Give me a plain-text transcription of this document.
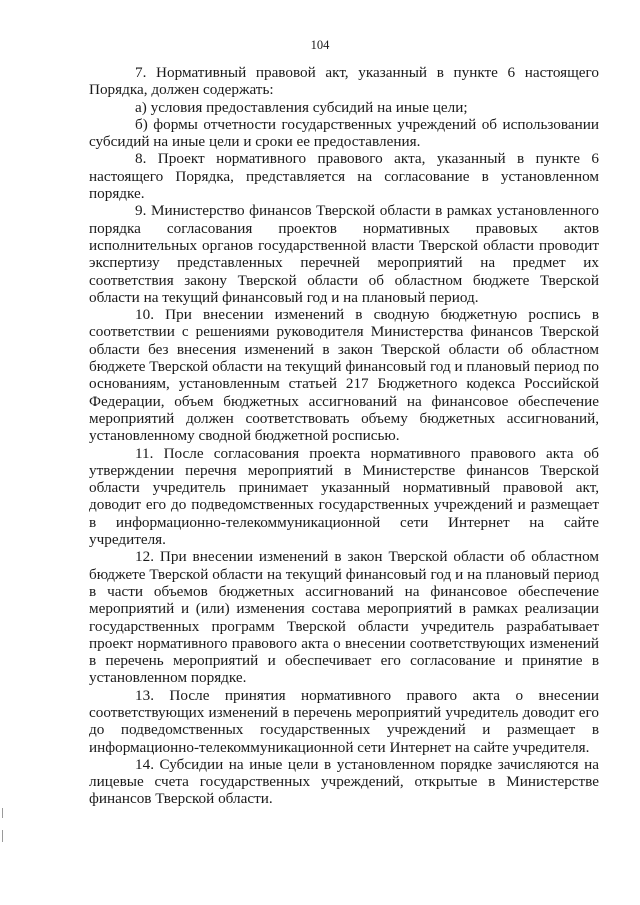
104

7. Нормативный правовой акт, указанный в пункте 6 настоящего Порядка, должен содержать:

а) условия предоставления субсидий на иные цели;

б) формы отчетности государственных учреждений об использовании субсидий на иные цели и сроки ее предоставления.

8. Проект нормативного правового акта, указанный в пункте 6 настоящего Порядка, представляется на согласование в установленном порядке.

9. Министерство финансов Тверской области в рамках установленного порядка согласования проектов нормативных правовых актов исполнительных органов государственной власти Тверской области проводит экспертизу представленных перечней мероприятий на предмет их соответствия закону Тверской области об областном бюджете Тверской области на текущий финансовый год и на плановый период.

10. При внесении изменений в сводную бюджетную роспись в соответствии с решениями руководителя Министерства финансов Тверской области без внесения изменений в закон Тверской области об областном бюджете Тверской области на текущий финансовый год и плановый период по основаниям, установленным статьей 217 Бюджетного кодекса Российской Федерации, объем бюджетных ассигнований на финансовое обеспечение мероприятий должен соответствовать объему бюджетных ассигнований, установленному сводной бюджетной росписью.

11. После согласования проекта нормативного правового акта об утверждении перечня мероприятий в Министерстве финансов Тверской области учредитель принимает указанный нормативный правовой акт, доводит его до подведомственных государственных учреждений и размещает в информационно-телекоммуникационной сети Интернет на сайте учредителя.

12. При внесении изменений в закон Тверской области об областном бюджете Тверской области на текущий финансовый год и на плановый период в части объемов бюджетных ассигнований на финансовое обеспечение мероприятий и (или) изменения состава мероприятий в рамках реализации государственных программ Тверской области учредитель разрабатывает проект нормативного правового акта о внесении соответствующих изменений в перечень мероприятий и обеспечивает его согласование и принятие в установленном порядке.

13. После принятия нормативного правого акта о внесении соответствующих изменений в перечень мероприятий учредитель доводит его до подведомственных государственных учреждений и размещает в информационно-телекоммуникационной сети Интернет на сайте учредителя.

14. Субсидии на иные цели в установленном порядке зачисляются на лицевые счета государственных учреждений, открытые в Министерстве финансов Тверской области.
